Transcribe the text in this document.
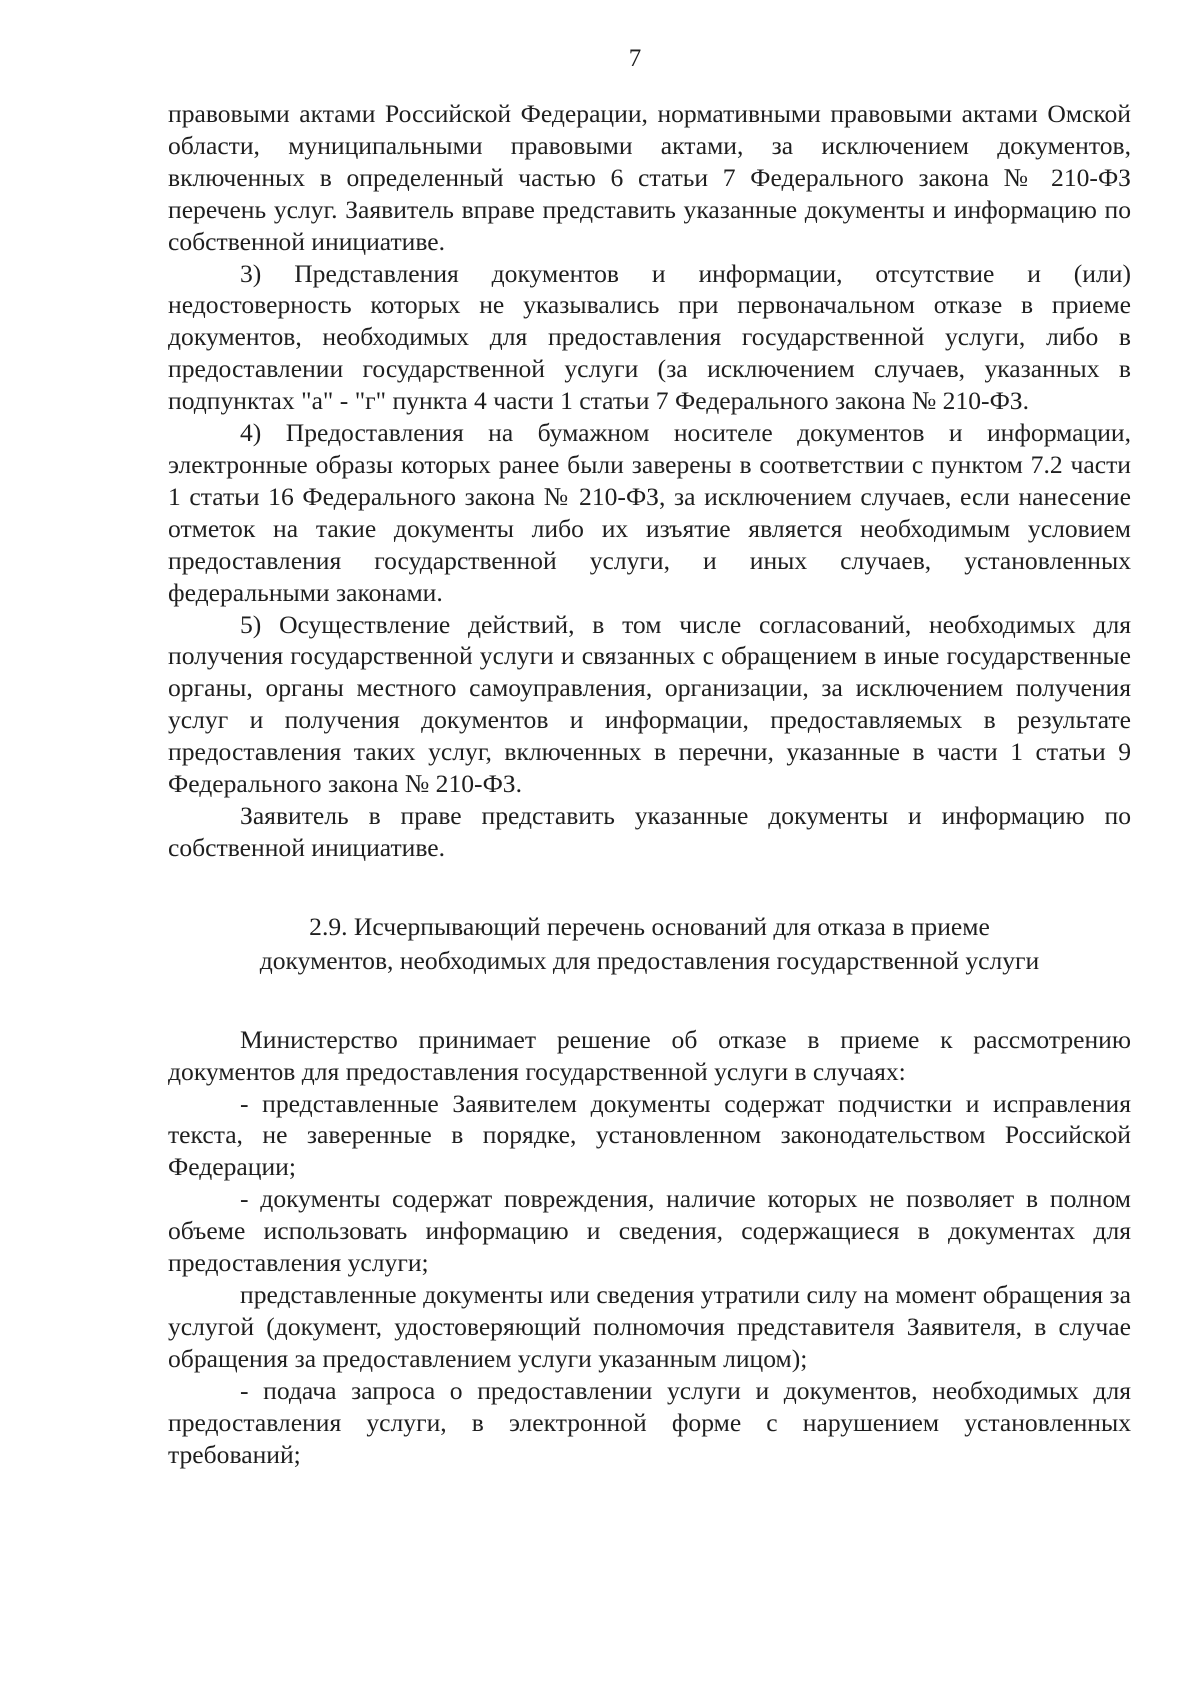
7

правовыми актами Российской Федерации, нормативными правовыми актами Омской области, муниципальными правовыми актами, за исключением документов, включенных в определенный частью 6 статьи 7 Федерального закона № 210-ФЗ перечень услуг. Заявитель вправе представить указанные документы и информацию по собственной инициативе.

3) Представления документов и информации, отсутствие и (или) недостоверность которых не указывались при первоначальном отказе в приеме документов, необходимых для предоставления государственной услуги, либо в предоставлении государственной услуги (за исключением случаев, указанных в подпунктах "а" - "г" пункта 4 части 1 статьи 7 Федерального закона № 210-ФЗ.

4) Предоставления на бумажном носителе документов и информации, электронные образы которых ранее были заверены в соответствии с пунктом 7.2 части 1 статьи 16 Федерального закона № 210-ФЗ, за исключением случаев, если нанесение отметок на такие документы либо их изъятие является необходимым условием предоставления государственной услуги, и иных случаев, установленных федеральными законами.

5) Осуществление действий, в том числе согласований, необходимых для получения государственной услуги и связанных с обращением в иные государственные органы, органы местного самоуправления, организации, за исключением получения услуг и получения документов и информации, предоставляемых в результате предоставления таких услуг, включенных в перечни, указанные в части 1 статьи 9 Федерального закона № 210-ФЗ.

Заявитель в праве представить указанные документы и информацию по собственной инициативе.

2.9. Исчерпывающий перечень оснований для отказа в приеме документов, необходимых для предоставления государственной услуги

Министерство принимает решение об отказе в приеме к рассмотрению документов для предоставления государственной услуги в случаях:

- представленные Заявителем документы содержат подчистки и исправления текста, не заверенные в порядке, установленном законодательством Российской Федерации;

- документы содержат повреждения, наличие которых не позволяет в полном объеме использовать информацию и сведения, содержащиеся в документах для предоставления услуги;

представленные документы или сведения утратили силу на момент обращения за услугой (документ, удостоверяющий полномочия представителя Заявителя, в случае обращения за предоставлением услуги указанным лицом);

- подача запроса о предоставлении услуги и документов, необходимых для предоставления услуги, в электронной форме с нарушением установленных требований;
